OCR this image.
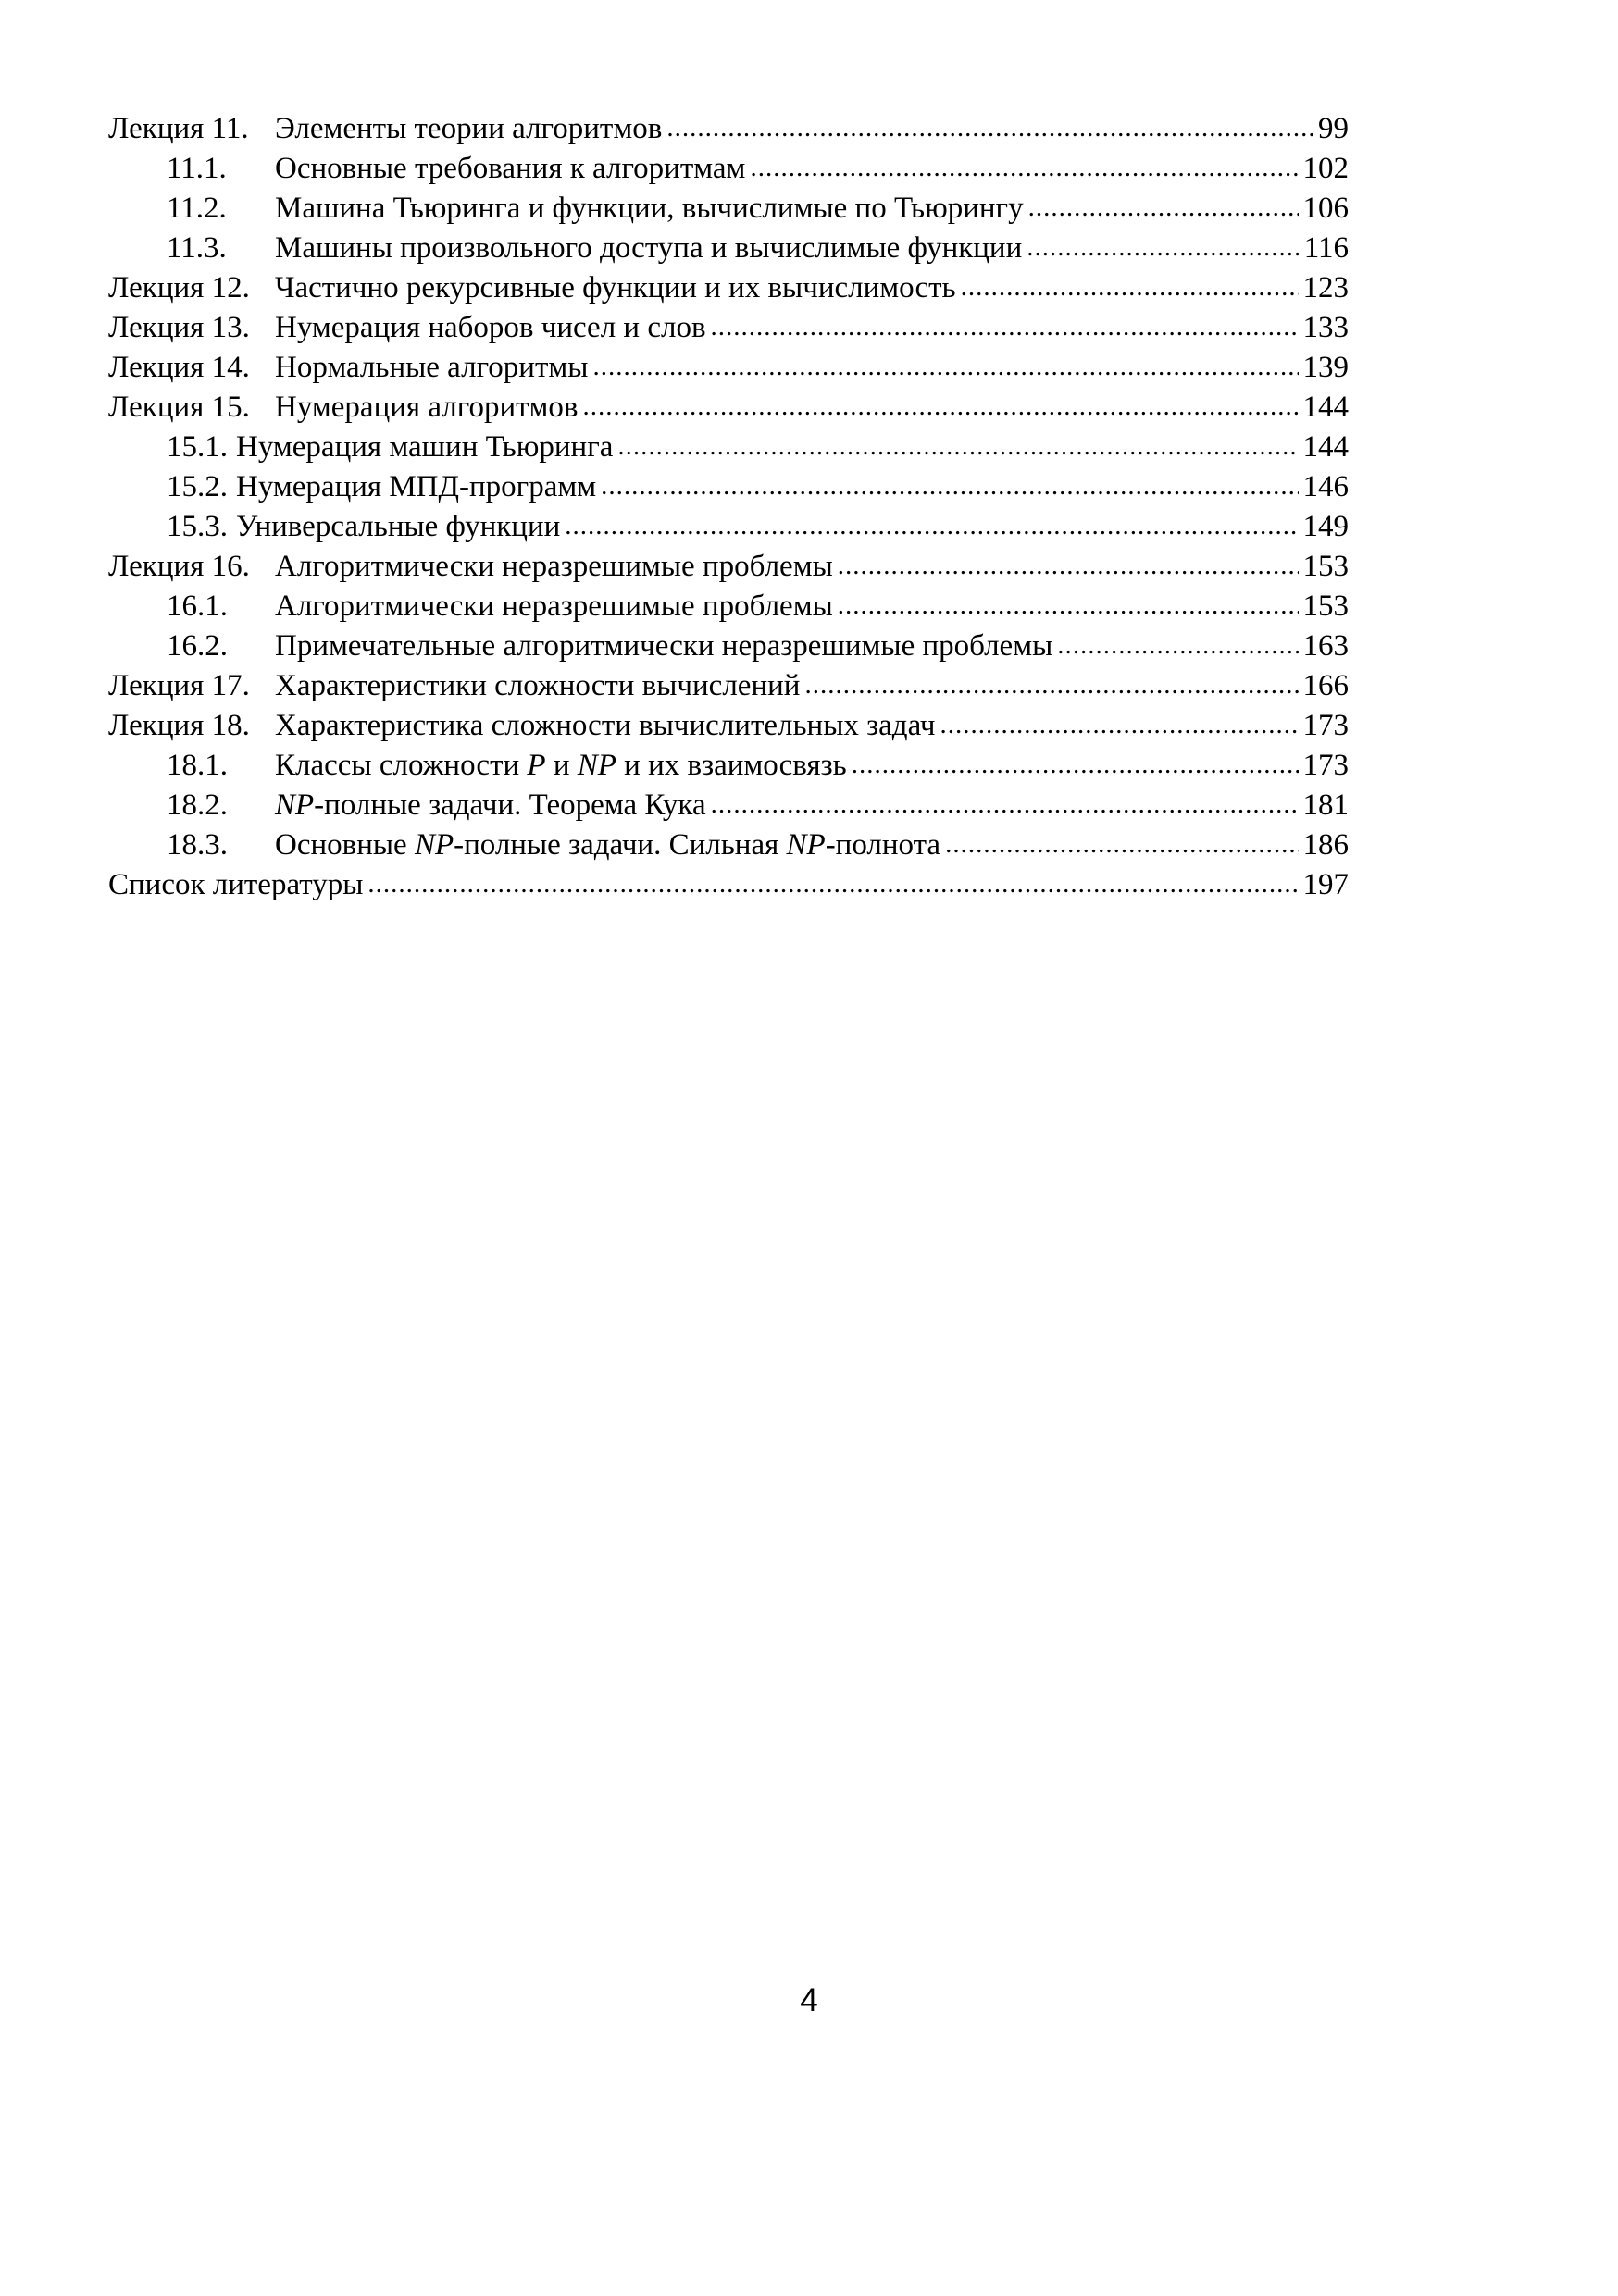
Лекция 11. Элементы теории алгоритмов .....	99
11.1.	Основные требования к алгоритмам .....	102
11.2.	Машина Тьюринга и функции, вычислимые по Тьюрингу .....	106
11.3.	Машины произвольного доступа и вычислимые функции .....	116
Лекция 12. Частично рекурсивные функции и их вычислимость .....	123
Лекция 13. Нумерация наборов чисел и слов .....	133
Лекция 14. Нормальные алгоритмы .....	139
Лекция 15. Нумерация алгоритмов .....	144
15.1. Нумерация машин Тьюринга .....	144
15.2. Нумерация МПД-программ .....	146
15.3. Универсальные функции .....	149
Лекция 16. Алгоритмически неразрешимые проблемы .....	153
16.1.	Алгоритмически неразрешимые проблемы .....	153
16.2.	Примечательные алгоритмически неразрешимые проблемы .....	163
Лекция 17. Характеристики сложности вычислений .....	166
Лекция 18. Характеристика сложности вычислительных задач .....	173
18.1.	Классы сложности P и NP и их взаимосвязь .....	173
18.2.	NP-полные задачи. Теорема Кука .....	181
18.3.	Основные NP-полные задачи. Сильная NP-полнота .....	186
Список литературы .....	197
4
